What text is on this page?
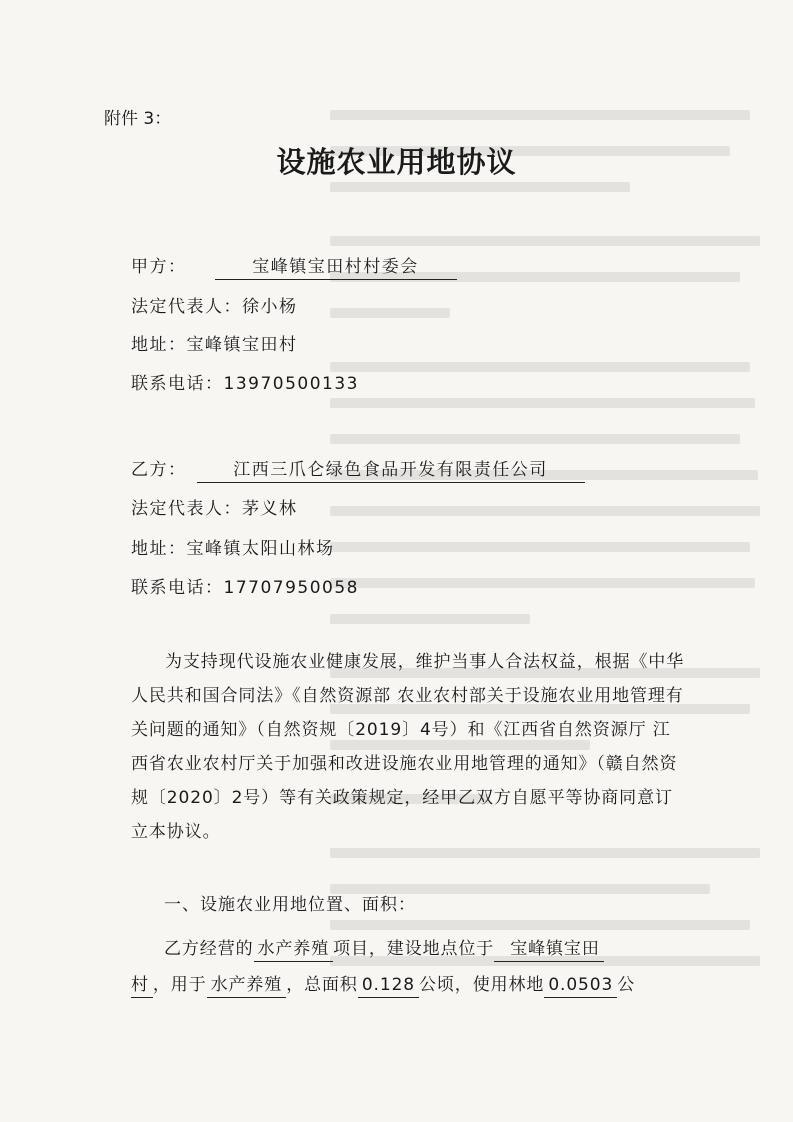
附件 3：
设施农业用地协议
甲方：	宝峰镇宝田村村委会
法定代表人：徐小杨
地址：宝峰镇宝田村
联系电话：13970500133
乙方：	江西三爪仑绿色食品开发有限责任公司
法定代表人：茅义林
地址：宝峰镇太阳山林场
联系电话：17707950058
为支持现代设施农业健康发展，维护当事人合法权益，根据《中华人民共和国合同法》《自然资源部 农业农村部关于设施农业用地管理有关问题的通知》（自然资规〔2019〕4号）和《江西省自然资源厅 江西省农业农村厅关于加强和改进设施农业用地管理的通知》（赣自然资规〔2020〕2号）等有关政策规定，经甲乙双方自愿平等协商同意订立本协议。
一、设施农业用地位置、面积：
乙方经营的 水产养殖 项目，建设地点位于 宝峰镇宝田
村 ，用于 水产养殖 ，总面积 0.128 公顷，使用林地 0.0503 公
